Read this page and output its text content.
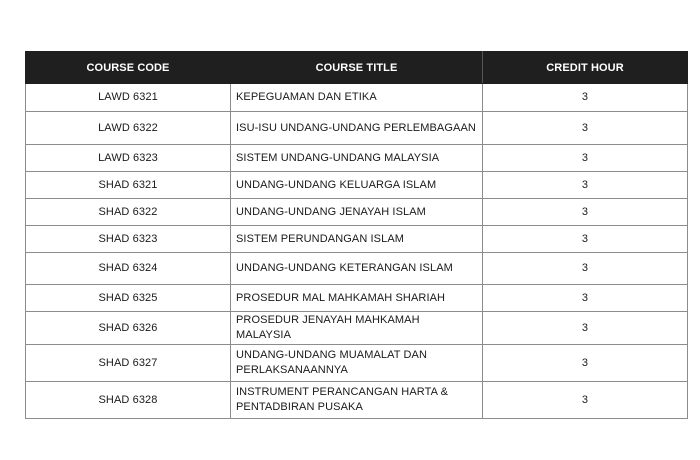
COURSE CODE	COURSE TITLE	CREDIT HOUR
LAWD 6321	KEPEGUAMAN DAN ETIKA	3
LAWD 6322	ISU-ISU UNDANG-UNDANG PERLEMBAGAAN	3
LAWD 6323	SISTEM UNDANG-UNDANG MALAYSIA	3
SHAD 6321	UNDANG-UNDANG KELUARGA ISLAM	3
SHAD 6322	UNDANG-UNDANG JENAYAH ISLAM	3
SHAD 6323	SISTEM PERUNDANGAN ISLAM	3
SHAD 6324	UNDANG-UNDANG KETERANGAN ISLAM	3
SHAD 6325	PROSEDUR MAL MAHKAMAH SHARIAH	3
SHAD 6326	PROSEDUR JENAYAH MAHKAMAH MALAYSIA	3
SHAD 6327	UNDANG-UNDANG MUAMALAT DAN PERLAKSANAANNYA	3
SHAD 6328	INSTRUMENT PERANCANGAN HARTA & PENTADBIRAN PUSAKA	3
